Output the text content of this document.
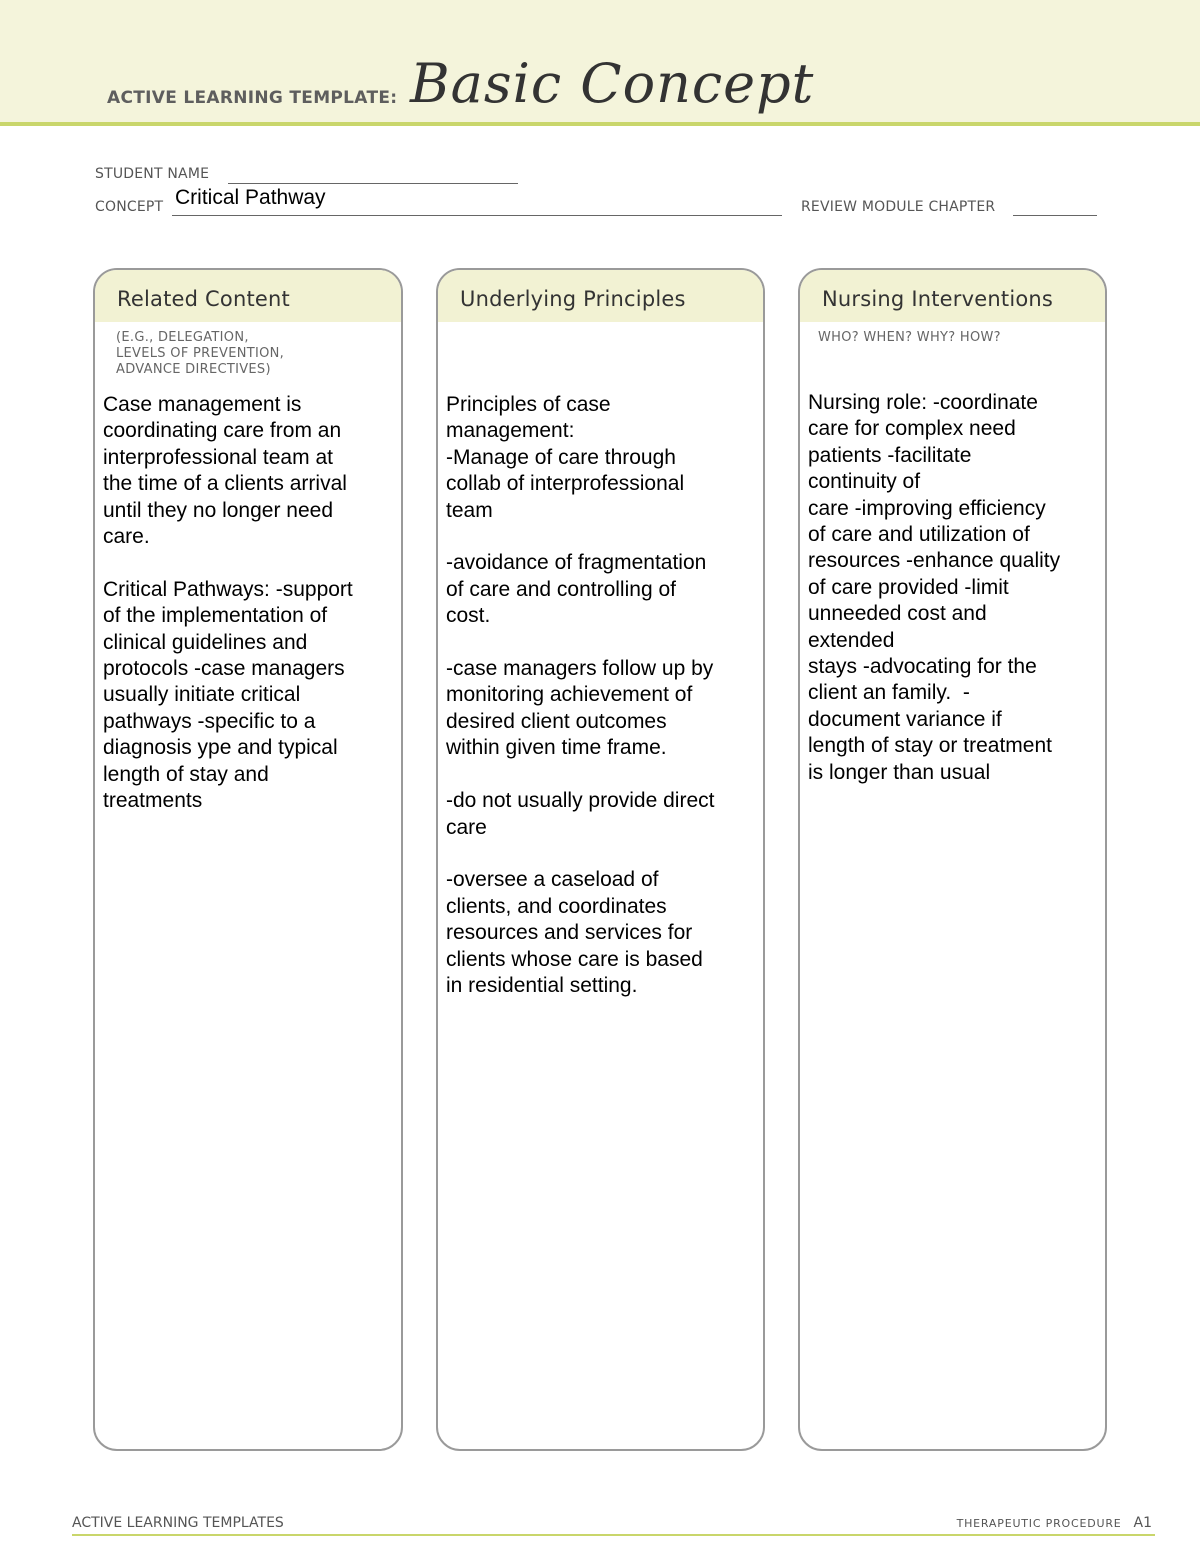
ACTIVE LEARNING TEMPLATE: Basic Concept
STUDENT NAME
CONCEPT Critical Pathway	REVIEW MODULE CHAPTER
Related Content
(E.G., DELEGATION,
LEVELS OF PREVENTION,
ADVANCE DIRECTIVES)
Case management is
coordinating care from an
interprofessional team at
the time of a clients arrival
until they no longer need
care.

Critical Pathways: -support
of the implementation of
clinical guidelines and
protocols -case managers
usually initiate critical
pathways -specific to a
diagnosis ype and typical
length of stay and
treatments
Underlying Principles
Principles of case
management:
-Manage of care through
collab of interprofessional
team

-avoidance of fragmentation
of care and controlling of
cost.

-case managers follow up by
monitoring achievement of
desired client outcomes
within given time frame.

-do not usually provide direct
care

-oversee a caseload of
clients, and coordinates
resources and services for
clients whose care is based
in residential setting.
Nursing Interventions
WHO? WHEN? WHY? HOW?
Nursing role: -coordinate
care for complex need
patients -facilitate
continuity of
care -improving efficiency
of care and utilization of
resources -enhance quality
of care provided -limit
unneeded cost and
extended
stays -advocating for the
client an family.  -
document variance if
length of stay or treatment
is longer than usual
ACTIVE LEARNING TEMPLATES	THERAPEUTIC PROCEDURE A1
